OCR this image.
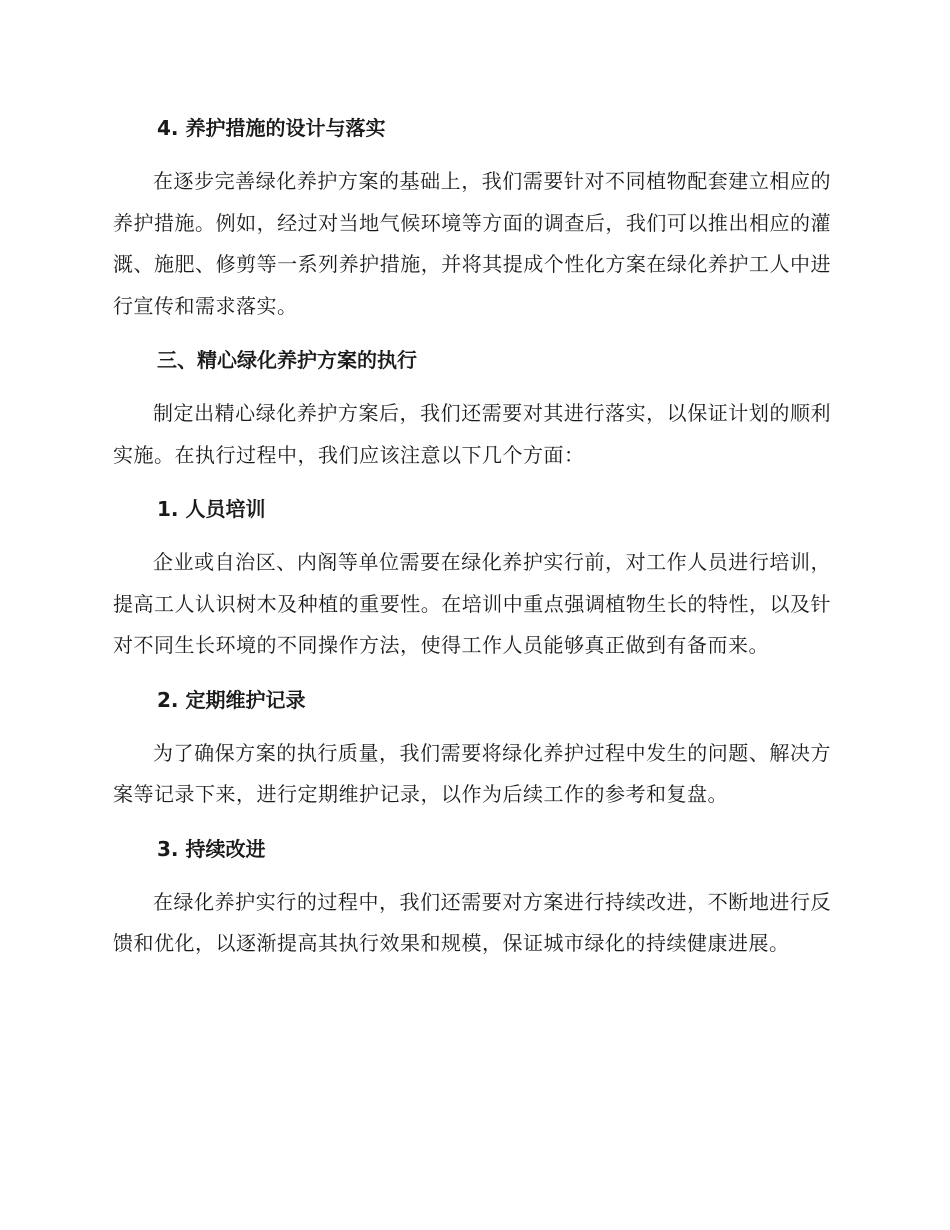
4. 养护措施的设计与落实

在逐步完善绿化养护方案的基础上，我们需要针对不同植物配套建立相应的养护措施。例如，经过对当地气候环境等方面的调查后，我们可以推出相应的灌溉、施肥、修剪等一系列养护措施，并将其提成个性化方案在绿化养护工人中进行宣传和需求落实。

三、精心绿化养护方案的执行

制定出精心绿化养护方案后，我们还需要对其进行落实，以保证计划的顺利实施。在执行过程中，我们应该注意以下几个方面：

1. 人员培训

企业或自治区、内阁等单位需要在绿化养护实行前，对工作人员进行培训，提高工人认识树木及种植的重要性。在培训中重点强调植物生长的特性，以及针对不同生长环境的不同操作方法，使得工作人员能够真正做到有备而来。

2. 定期维护记录

为了确保方案的执行质量，我们需要将绿化养护过程中发生的问题、解决方案等记录下来，进行定期维护记录，以作为后续工作的参考和复盘。

3. 持续改进

在绿化养护实行的过程中，我们还需要对方案进行持续改进，不断地进行反馈和优化，以逐渐提高其执行效果和规模，保证城市绿化的持续健康进展。
